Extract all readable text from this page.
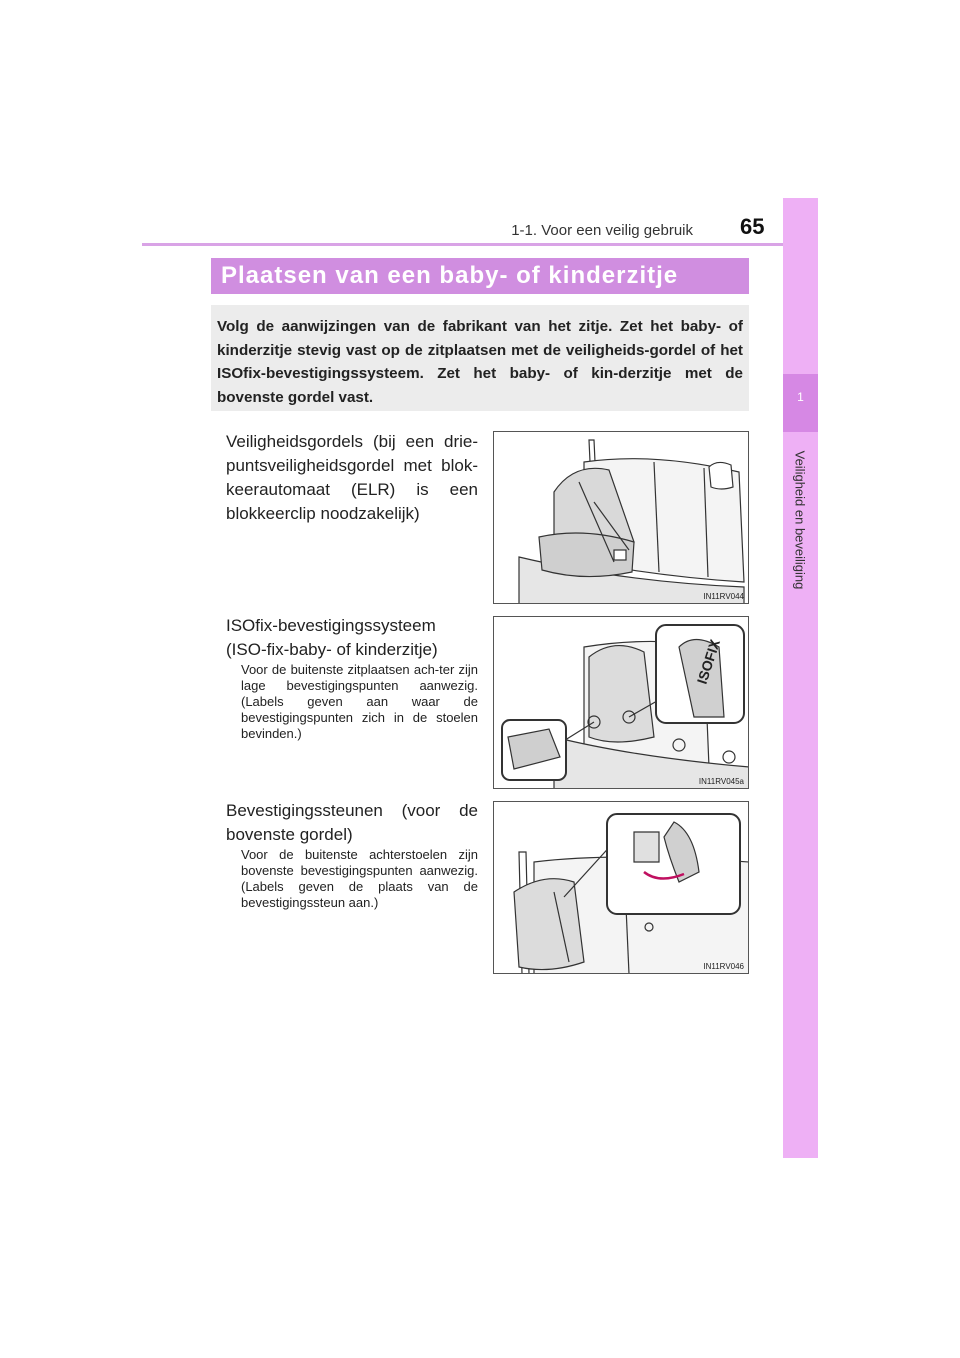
1-1. Voor een veilig gebruik 65
1
Veiligheid en beveiliging
Plaatsen van een baby- of kinderzitje
Volg de aanwijzingen van de fabrikant van het zitje. Zet het baby- of kinderzitje stevig vast op de zitplaatsen met de veiligheids-gordel of het ISOfix-bevestigingssysteem. Zet het baby- of kin-derzitje met de bovenste gordel vast.
Veiligheidsgordels (bij een drie-puntsveiligheidsgordel met blok-keerautomaat (ELR) is een blokkeerclip noodzakelijk)
IN11RV044
ISOfix-bevestigingssysteem (ISO-fix-baby- of kinderzitje)
Voor de buitenste zitplaatsen ach-ter zijn lage bevestigingspunten aanwezig. (Labels geven aan waar de bevestigingspunten zich in de stoelen bevinden.)
ISOFIX
IN11RV045a
Bevestigingssteunen (voor de bovenste gordel)
Voor de buitenste achterstoelen zijn bovenste bevestigingspunten aanwezig. (Labels geven de plaats van de bevestigingssteun aan.)
IN11RV046
